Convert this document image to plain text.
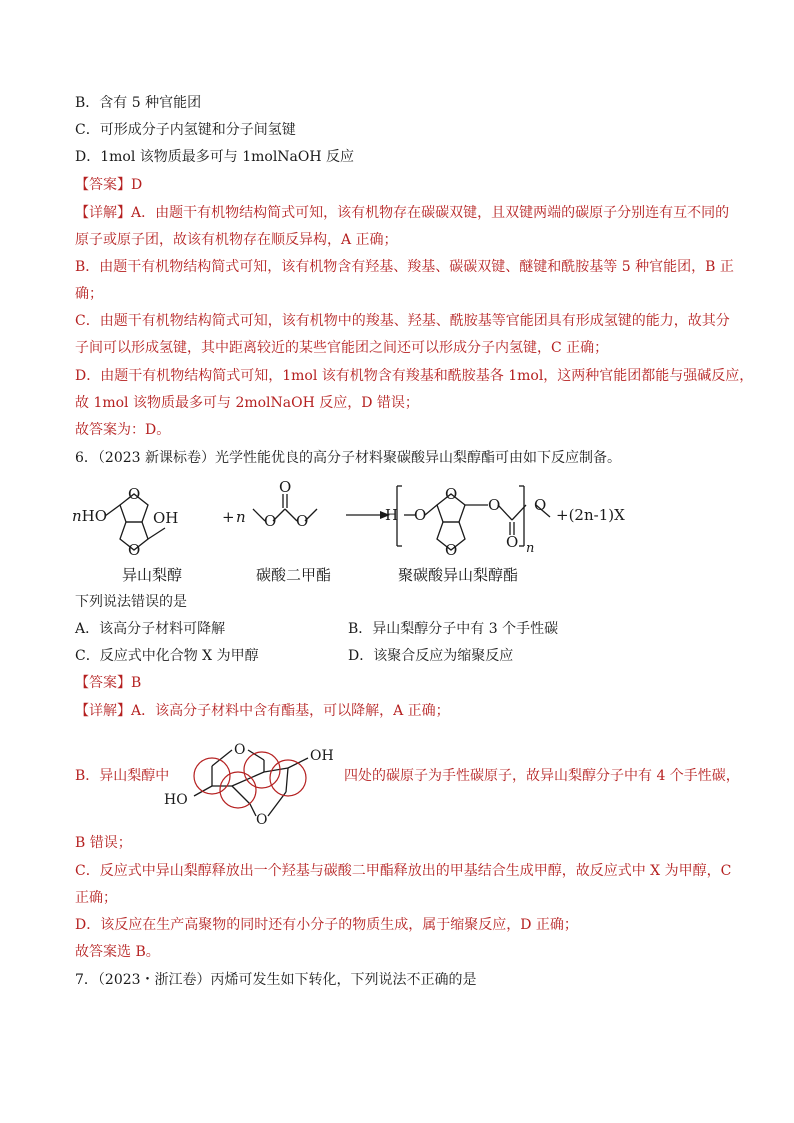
B．含有 5 种官能团
C．可形成分子内氢键和分子间氢键
D．1mol 该物质最多可与 1molNaOH 反应
【答案】D
【详解】A．由题干有机物结构简式可知，该有机物存在碳碳双键，且双键两端的碳原子分别连有互不同的
原子或原子团，故该有机物存在顺反异构，A 正确；
B．由题干有机物结构简式可知，该有机物含有羟基、羧基、碳碳双键、醚键和酰胺基等 5 种官能团，B 正
确；
C．由题干有机物结构简式可知，该有机物中的羧基、羟基、酰胺基等官能团具有形成氢键的能力，故其分
子间可以形成氢键，其中距离较近的某些官能团之间还可以形成分子内氢键，C 正确；
D．由题干有机物结构简式可知，1mol 该有机物含有羧基和酰胺基各 1mol，这两种官能团都能与强碱反应，
故 1mol 该物质最多可与 2molNaOH 反应，D 错误；
故答案为：D。
6．（2023 新课标卷）光学性能优良的高分子材料聚碳酸异山梨醇酯可由如下反应制备。
nHO	OH
O
O
+ n O O
O
H O
O
O
O
O
O
n
+(2n-1)X
异山梨醇	碳酸二甲酯	聚碳酸异山梨醇酯
下列说法错误的是
A．该高分子材料可降解	B．异山梨醇分子中有 3 个手性碳
C．反应式中化合物 X 为甲醇	D．该聚合反应为缩聚反应
【答案】B
【详解】A．该高分子材料中含有酯基，可以降解，A 正确；
B．异山梨醇中
O
O
OH
HO
四处的碳原子为手性碳原子，故异山梨醇分子中有 4 个手性碳，
B 错误；
C．反应式中异山梨醇释放出一个羟基与碳酸二甲酯释放出的甲基结合生成甲醇，故反应式中 X 为甲醇，C
正确；
D．该反应在生产高聚物的同时还有小分子的物质生成，属于缩聚反应，D 正确；
故答案选 B。
7．（2023・浙江卷）丙烯可发生如下转化，下列说法不正确的是
